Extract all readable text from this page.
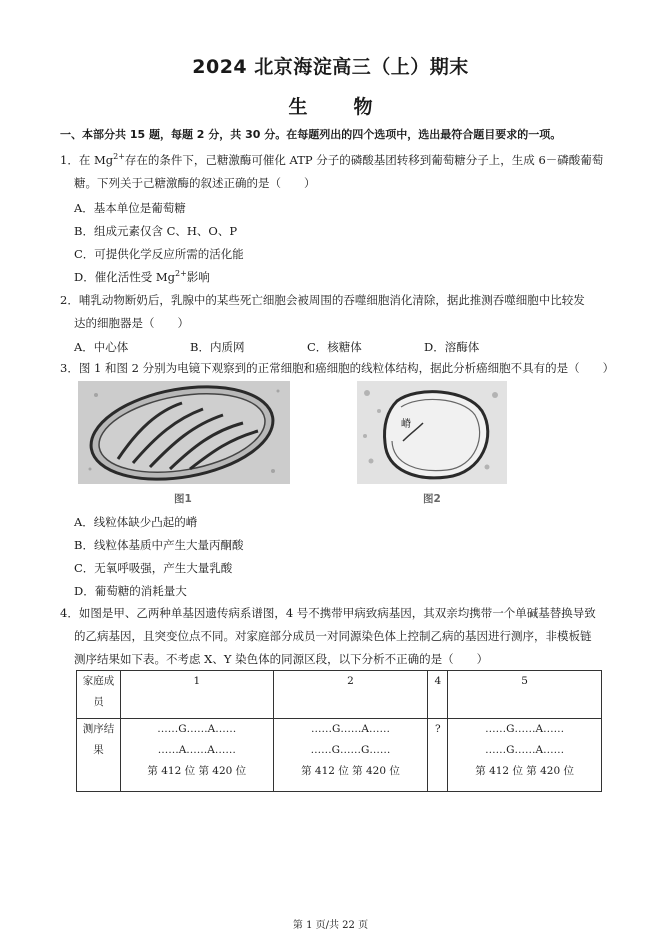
2024 北京海淀高三（上）期末
生物
一、本部分共 15 题，每题 2 分，共 30 分。在每题列出的四个选项中，选出最符合题目要求的一项。
1．在 $Mg^{2+}$存在的条件下，己糖激酶可催化 ATP 分子的磷酸基团转移到葡萄糖分子上，生成 6－磷酸葡萄
糖。下列关于己糖激酶的叙述正确的是（　　）
A．基本单位是葡萄糖
B．组成元素仅含 C、H、O、P
C．可提供化学反应所需的活化能
D．催化活性受 $Mg^{2+}$影响
2．哺乳动物断奶后，乳腺中的某些死亡细胞会被周围的吞噬细胞消化清除，据此推测吞噬细胞中比较发
达的细胞器是（　　）
A．中心体	B．内质网	C．核糖体	D．溶酶体
3．图 1 和图 2 分别为电镜下观察到的正常细胞和癌细胞的线粒体结构，据此分析癌细胞不具有的是（　　）
图1
嵴
图2
A．线粒体缺少凸起的嵴
B．线粒体基质中产生大量丙酮酸
C．无氧呼吸强，产生大量乳酸
D．葡萄糖的消耗量大
4．如图是甲、乙两种单基因遗传病系谱图，4 号不携带甲病致病基因，其双亲均携带一个单碱基替换导致
的乙病基因，且突变位点不同。对家庭部分成员一对同源染色体上控制乙病的基因进行测序，非模板链
测序结果如下表。不考虑 X、Y 染色体的同源区段，以下分析不正确的是（　　）
家庭成
员	1	2	4	5

测序结
果	……G……A……
……A……A……
第 412 位 第 420 位	……G……A……
……G……G……
第 412 位 第 420 位	?	……G……A……
……G……A……
第 412 位 第 420 位
第 1 页/共 22 页
